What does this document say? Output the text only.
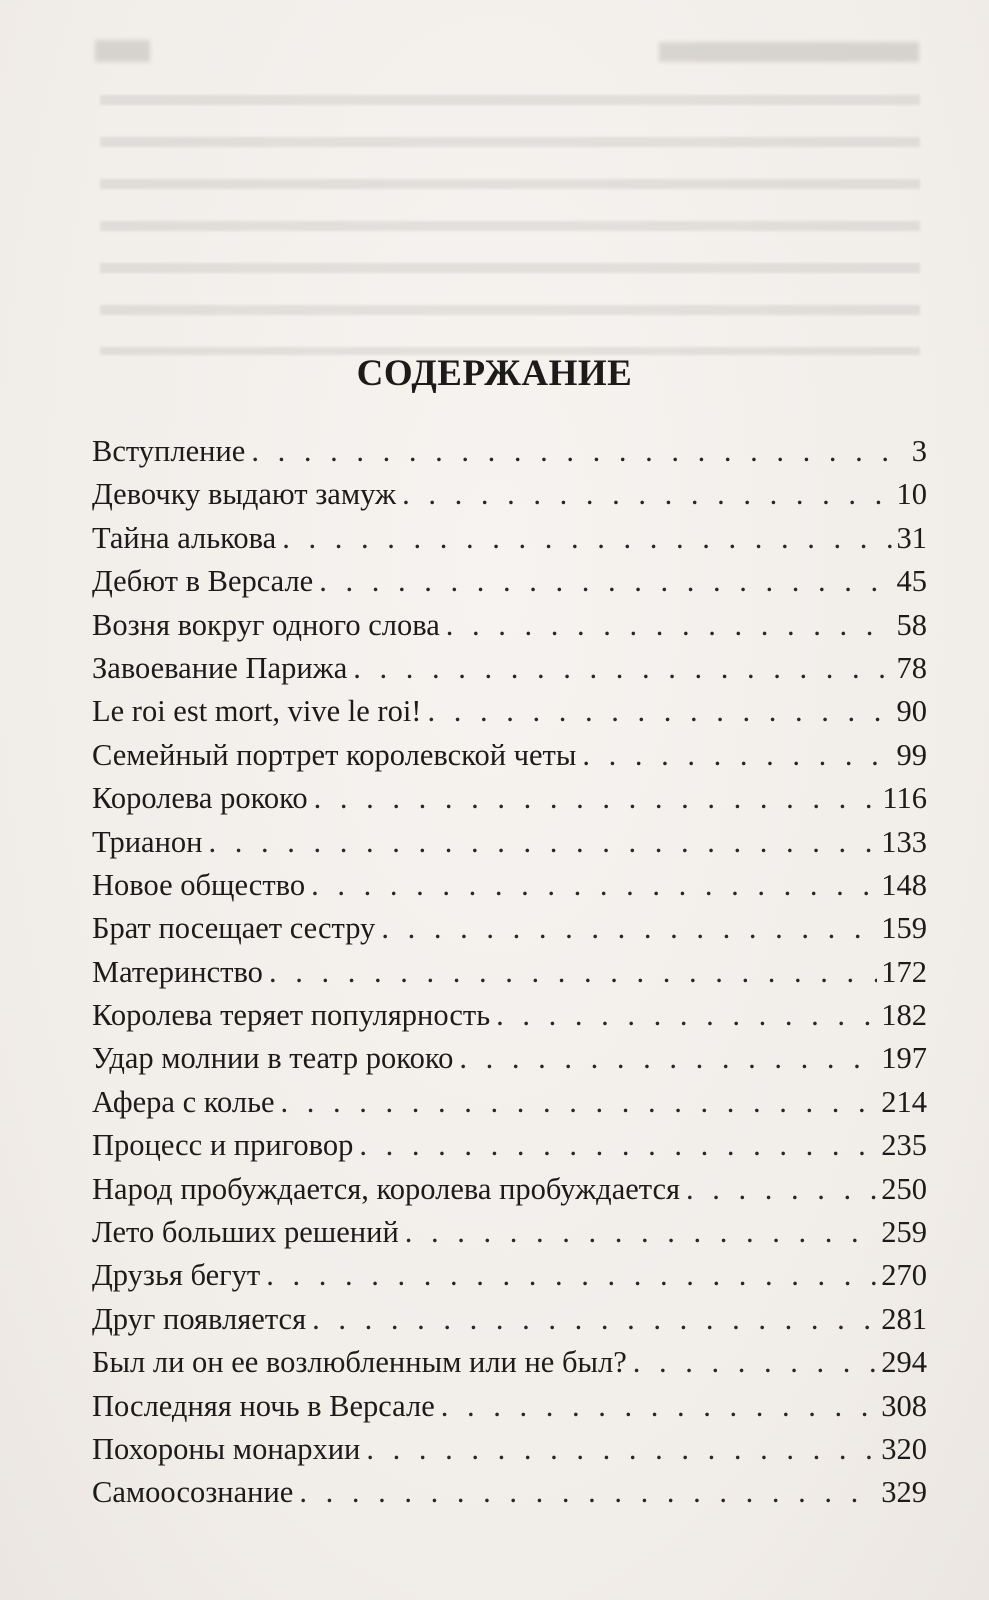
СОДЕРЖАНИЕ
Вступление . . .	3
Девочку выдают замуж . . .	10
Тайна алькова . . .	31
Дебют в Версале . . .	45
Возня вокруг одного слова . . .	58
Завоевание Парижа . . .	78
Le roi est mort, vive le roi! . . .	90
Семейный портрет королевской четы . . .	99
Королева рококо . . .	116
Трианон . . .	133
Новое общество . . .	148
Брат посещает сестру . . .	159
Материнство . . .	172
Королева теряет популярность . . .	182
Удар молнии в театр рококо . . .	197
Афера с колье . . .	214
Процесс и приговор . . .	235
Народ пробуждается, королева пробуждается . . .	250
Лето больших решений . . .	259
Друзья бегут . . .	270
Друг появляется . . .	281
Был ли он ее возлюбленным или не был? . . .	294
Последняя ночь в Версале . . .	308
Похороны монархии . . .	320
Самоосознание . . .	329
